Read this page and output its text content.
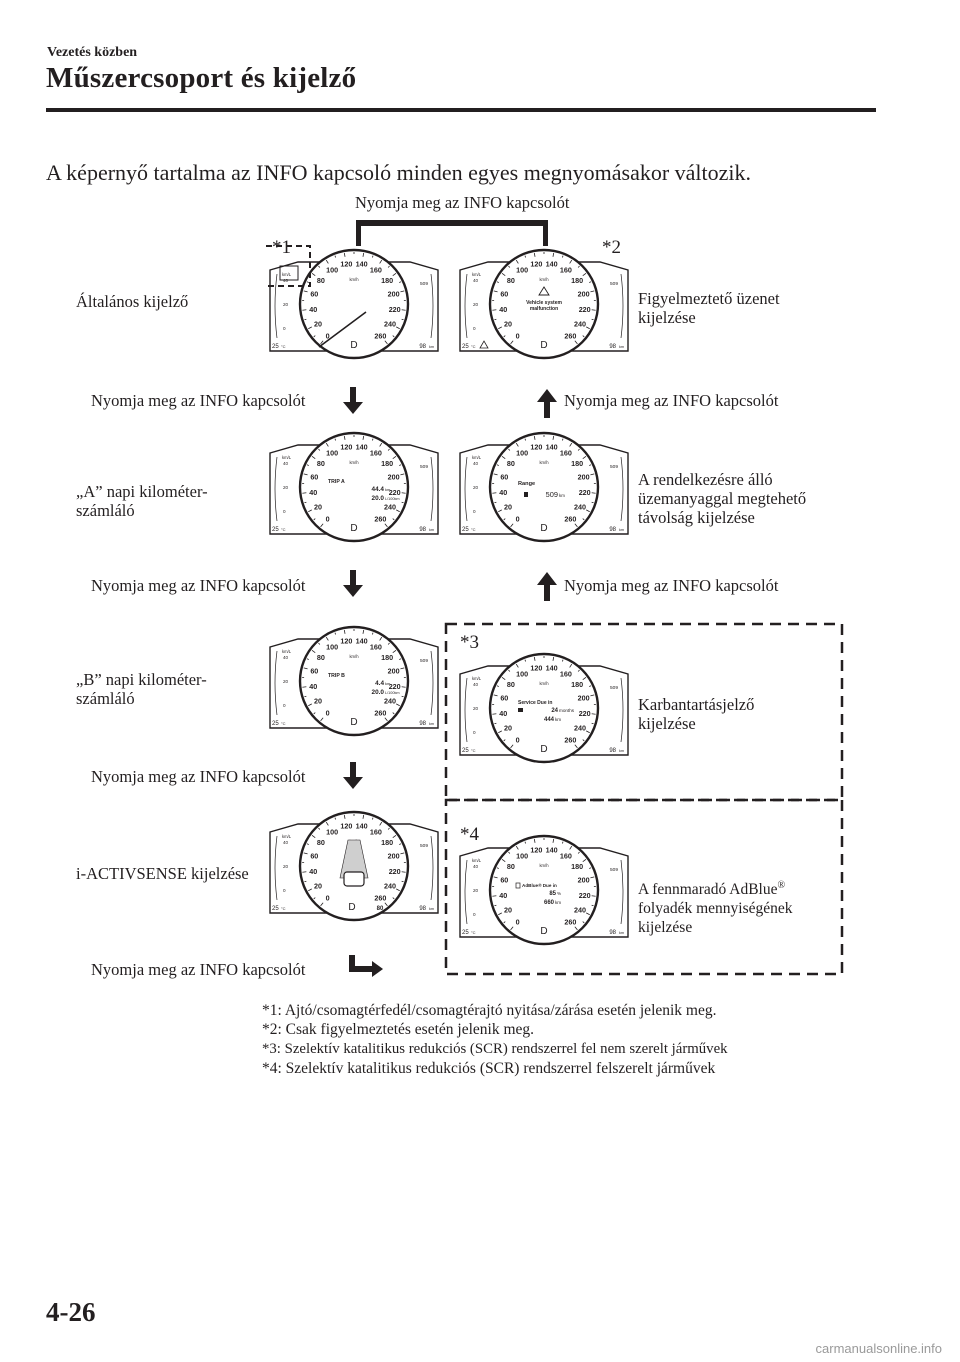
Vezetés közben
Műszercsoport és kijelző
A képernyő tartalma az INFO kapcsoló minden egyes megnyomásakor változik.
0
20
40
60
80
100
120 140
160
180
200
220
240
260
km/h
km/L
40
20
0
509
25 °C	98 km
D
0
20
40
60
80
100
120 140
160
180
200
220
240
260
km/h
km/L
40
20
0
509
25 °C	98 km
D
Vehicle system
malfunction
0
20
40
60
80
100
120 140
160
180
200
220
240
260
km/h
km/L
40
20
0
509
25 °C	98 km
D
TRIP A
44.4 km
20.0 L/100km
0
20
40
60
80
100
120 140
160
180
200
220
240
260
km/h
km/L
40
20
0
509
25 °C	98 km
D
Range
509 km
0
20
40
60
80
100
120 140
160
180
200
220
240
260
km/h
km/L
40
20
0
509
25 °C	98 km
D
TRIP B
4.4 km
20.0 L/100km
0
20
40
60
80
100
120 140
160
180
200
220
240
260
km/h
km/L
40
20
0
509
25 °C	98 km
D
Service Due in
24 months
444 km
0
20
40
60
80
100
120 140
160
180
200
220
240
260
km/L
40
20
0
509
25 °C	98 km
D	80
0
20
40
60
80
100
120 140
160
180
200
220
240
260
km/h
km/L
40
20
0
509
25 °C	98 km
D
AdBlue® Due in
85 %
660 km
*1	*2
*3
*4
Nyomja meg az INFO kapcsolót
Nyomja meg az INFO kapcsolót	Nyomja meg az INFO kapcsolót
Nyomja meg az INFO kapcsolót	Nyomja meg az INFO kapcsolót
Nyomja meg az INFO kapcsolót
Nyomja meg az INFO kapcsolót
Általános kijelző	Figyelmeztető üzenet
kijelzése
„A” napi kilométer-
számláló
A rendelkezésre álló
üzemanyaggal megtehető
távolság kijelzése
„B” napi kilométer-
számláló	Karbantartásjelző
kijelzése
i-ACTIVSENSE kijelzése
A fennmaradó AdBlue®
folyadék mennyiségének
kijelzése
*1: Ajtó/csomagtérfedél/csomagtérajtó nyitása/zárása esetén jelenik meg.
*2: Csak figyelmeztetés esetén jelenik meg.
*3: Szelektív katalitikus redukciós (SCR) rendszerrel fel nem szerelt járművek
*4: Szelektív katalitikus redukciós (SCR) rendszerrel felszerelt járművek
4-26
carmanualsonline.info
